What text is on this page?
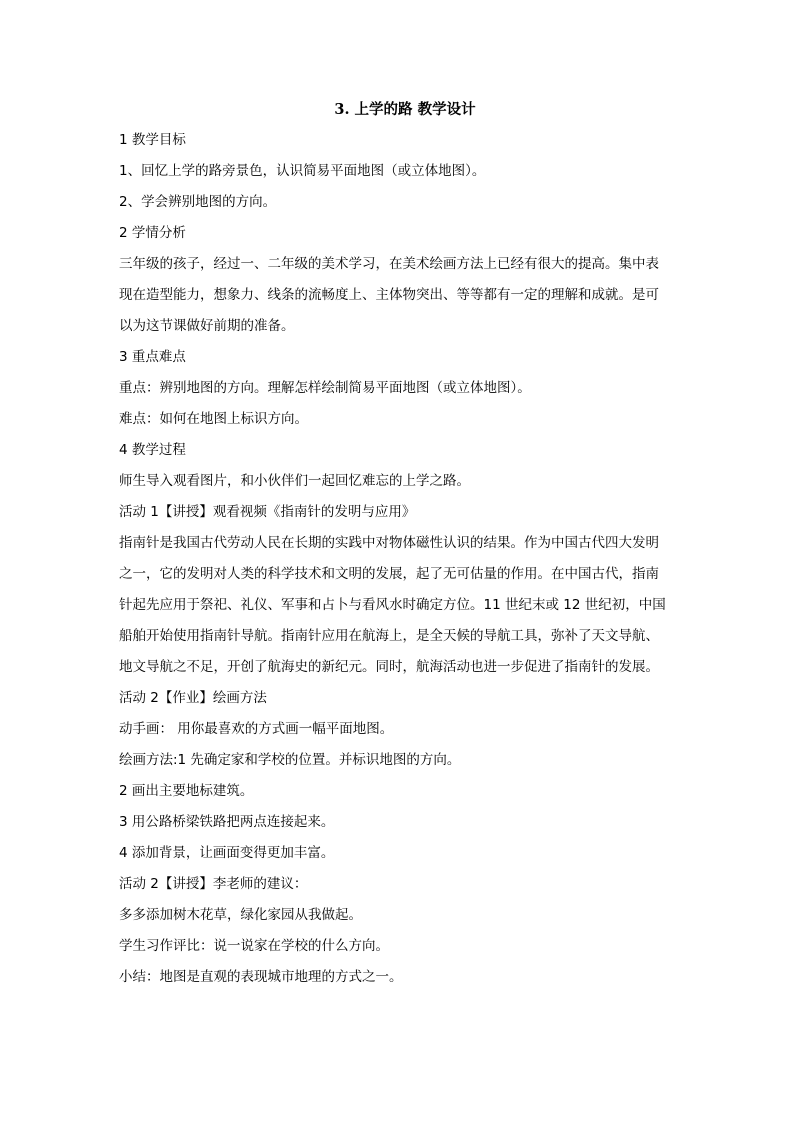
3. 上学的路 教学设计
1 教学目标
1、回忆上学的路旁景色，认识简易平面地图（或立体地图）。
2、学会辨别地图的方向。
2 学情分析
三年级的孩子，经过一、二年级的美术学习，在美术绘画方法上已经有很大的提高。集中表
现在造型能力，想象力、线条的流畅度上、主体物突出、等等都有一定的理解和成就。是可
以为这节课做好前期的准备。
3 重点难点
重点：辨别地图的方向。理解怎样绘制简易平面地图（或立体地图）。
难点：如何在地图上标识方向。
4 教学过程
师生导入观看图片，和小伙伴们一起回忆难忘的上学之路。
活动 1【讲授】观看视频《指南针的发明与应用》
指南针是我国古代劳动人民在长期的实践中对物体磁性认识的结果。作为中国古代四大发明
之一，它的发明对人类的科学技术和文明的发展，起了无可估量的作用。在中国古代，指南
针起先应用于祭祀、礼仪、军事和占卜与看风水时确定方位。11 世纪末或 12 世纪初，中国
船舶开始使用指南针导航。指南针应用在航海上，是全天候的导航工具，弥补了天文导航、
地文导航之不足，开创了航海史的新纪元。同时，航海活动也进一步促进了指南针的发展。
活动 2【作业】绘画方法
动手画： 用你最喜欢的方式画一幅平面地图。
绘画方法:1 先确定家和学校的位置。并标识地图的方向。
2 画出主要地标建筑。
3 用公路桥梁铁路把两点连接起来。
4 添加背景，让画面变得更加丰富。
活动 2【讲授】李老师的建议：
多多添加树木花草，绿化家园从我做起。
学生习作评比：说一说家在学校的什么方向。
小结：地图是直观的表现城市地理的方式之一。
